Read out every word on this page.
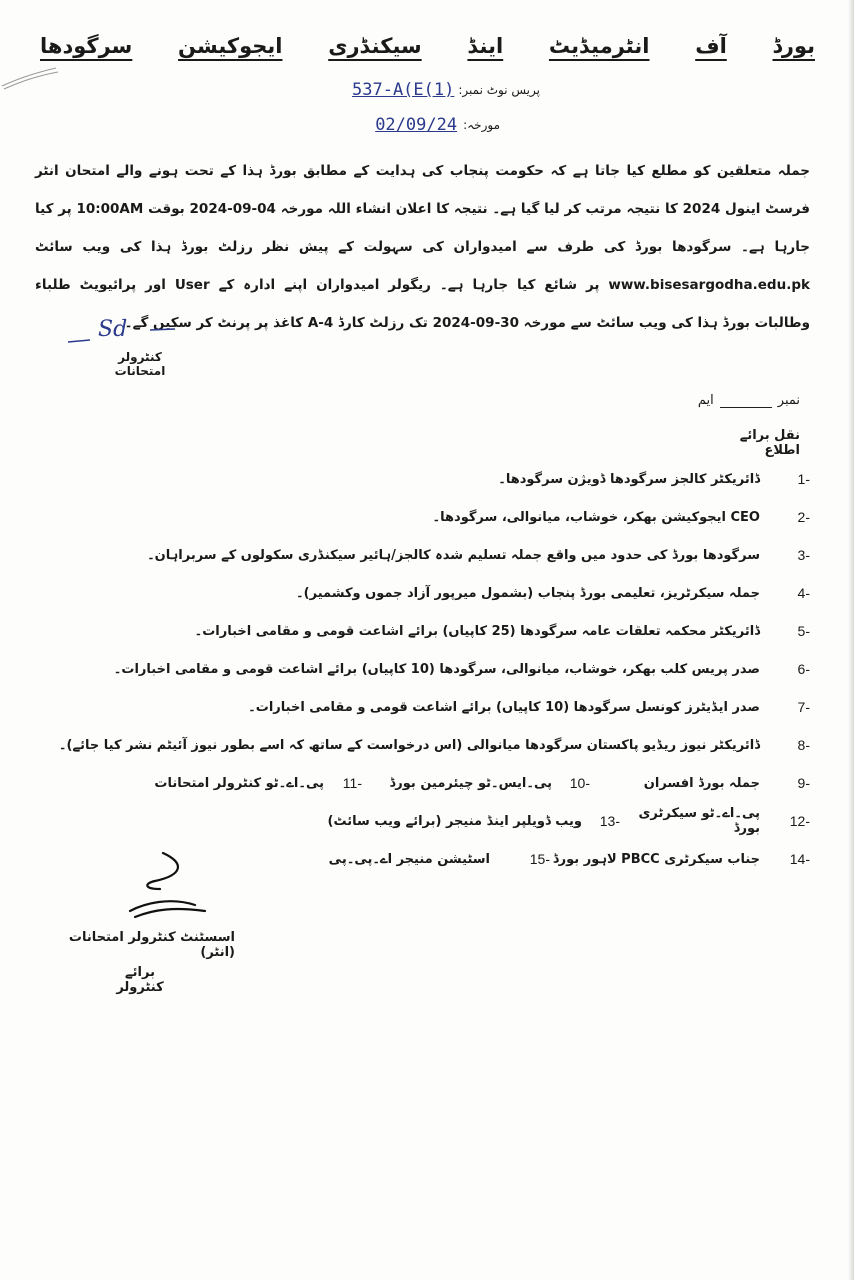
بورڈ
آف
انٹرمیڈیٹ
اینڈ
سیکنڈری
ایجوکیشن
سرگودھا
پریس نوٹ نمبر:
537-A(E(1)
مورخہ:
02/09/24
جملہ متعلقین کو مطلع کیا جاتا ہے کہ حکومت پنجاب کی ہدایت کے مطابق بورڈ ہذا کے تحت ہونے والے امتحان انٹر فرسٹ اینول 2024 کا نتیجہ مرتب کر لیا گیا ہے۔ نتیجہ کا اعلان انشاء اللہ مورخہ 04-09-2024 بوقت 10:00AM پر کیا جارہا ہے۔ سرگودھا بورڈ کی طرف سے امیدواران کی سہولت کے پیش نظر رزلٹ بورڈ ہذا کی ویب سائٹ www.bisesargodha.edu.pk پر شائع کیا جارہا ہے۔ ریگولر امیدواران اپنے ادارہ کے User اور پرائیویٹ طلباء وطالبات بورڈ ہذا کی ویب سائٹ سے مورخہ 30-09-2024 تک رزلٹ کارڈ A-4 کاغذ پر پرنٹ کر سکیں گے۔
Sd
کنٹرولر امتحانات
نمبر
ایم
نقل برائے اطلاع
-1
ڈائریکٹر کالجز سرگودھا ڈویژن سرگودھا۔
-2
CEO ایجوکیشن بھکر، خوشاب، میانوالی، سرگودھا۔
-3
سرگودھا بورڈ کی حدود میں واقع جملہ تسلیم شدہ کالجز/ہائیر سیکنڈری سکولوں کے سربراہان۔
-4
جملہ سیکرٹریز، تعلیمی بورڈ پنجاب (بشمول میرپور آزاد جموں وکشمیر)۔
-5
ڈائریکٹر محکمہ تعلقات عامہ سرگودھا (25 کاپیاں) برائے اشاعت قومی و مقامی اخبارات۔
-6
صدر پریس کلب بھکر، خوشاب، میانوالی، سرگودھا (10 کاپیاں) برائے اشاعت قومی و مقامی اخبارات۔
-7
صدر ایڈیٹرز کونسل سرگودھا (10 کاپیاں) برائے اشاعت قومی و مقامی اخبارات۔
-8
ڈائریکٹر نیوز ریڈیو پاکستان سرگودھا میانوالی (اس درخواست کے ساتھ کہ اسے بطور نیوز آئیٹم نشر کیا جائے)۔
-9
جملہ بورڈ افسران
-10
پی۔ایس۔ٹو چیئرمین بورڈ
-11
پی۔اے۔ٹو کنٹرولر امتحانات
-12
پی۔اے۔ٹو سیکرٹری بورڈ
-13
ویب ڈویلپر اینڈ منیجر (برائے ویب سائٹ)
-14
جناب سیکرٹری PBCC لاہور بورڈ
-15
اسٹیشن منیجر اے۔پی۔پی
اسسٹنٹ کنٹرولر امتحانات (انٹر)
برائے کنٹرولر
